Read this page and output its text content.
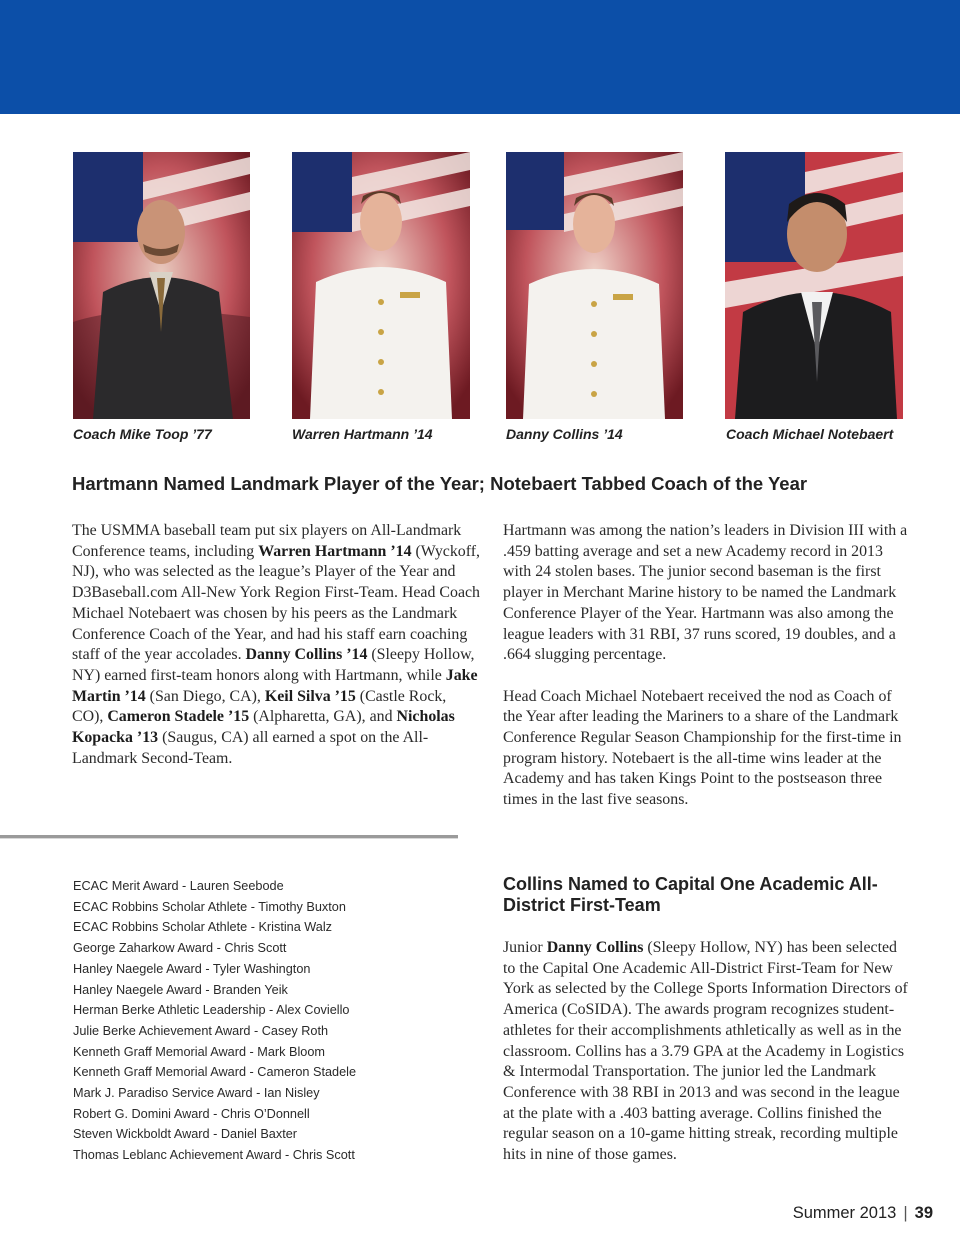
Coach Mike Toop ’77	Warren Hartmann ’14	Danny Collins ’14	Coach Michael Notebaert
Hartmann Named Landmark Player of the Year; Notebaert Tabbed Coach of the Year

The USMMA baseball team put six players on All-Landmark Conference teams, including Warren Hartmann ’14 (Wyckoff, NJ), who was selected as the league’s Player of the Year and D3Baseball.com All-New York Region First-Team. Head Coach Michael Notebaert was chosen by his peers as the Landmark Conference Coach of the Year, and had his staff earn coaching staff of the year accolades. Danny Collins ’14 (Sleepy Hollow, NY) earned first-team honors along with Hartmann, while Jake Martin ’14 (San Diego, CA), Keil Silva ’15 (Castle Rock, CO), Cameron Stadele ’15 (Alpharetta, GA), and Nicholas Kopacka ’13 (Saugus, CA) all earned a spot on the All-Landmark Second-Team.

Hartmann was among the nation’s leaders in Division III with a .459 batting average and set a new Academy record in 2013 with 24 stolen bases. The junior second baseman is the first player in Merchant Marine history to be named the Landmark Conference Player of the Year. Hartmann was also among the league leaders with 31 RBI, 37 runs scored, 19 doubles, and a .664 slugging percentage.

Head Coach Michael Notebaert received the nod as Coach of the Year after leading the Mariners to a share of the Landmark Conference Regular Season Championship for the first-time in program history. Notebaert is the all-time wins leader at the Academy and has taken Kings Point to the postseason three times in the last five seasons.

ECAC Merit Award - Lauren Seebode
ECAC Robbins Scholar Athlete - Timothy Buxton
ECAC Robbins Scholar Athlete - Kristina Walz
George Zaharkow Award - Chris Scott
Hanley Naegele Award - Tyler Washington
Hanley Naegele Award - Branden Yeik
Herman Berke Athletic Leadership - Alex Coviello
Julie Berke Achievement Award - Casey Roth
Kenneth Graff Memorial Award - Mark Bloom
Kenneth Graff Memorial Award - Cameron Stadele
Mark J. Paradiso Service Award - Ian Nisley
Robert G. Domini Award - Chris O’Donnell
Steven Wickboldt Award - Daniel Baxter
Thomas Leblanc Achievement Award - Chris Scott
Collins Named to Capital One Academic All-District First-Team

Junior Danny Collins (Sleepy Hollow, NY) has been selected to the Capital One Academic All-District First-Team for New York as selected by the College Sports Information Directors of America (CoSIDA). The awards program recognizes student-athletes for their accomplishments athletically as well as in the classroom. Collins has a 3.79 GPA at the Academy in Logistics & Intermodal Transportation. The junior led the Landmark Conference with 38 RBI in 2013 and was second in the league at the plate with a .403 batting average. Collins finished the regular season on a 10-game hitting streak, recording multiple hits in nine of those games.

Summer 2013 | 39
